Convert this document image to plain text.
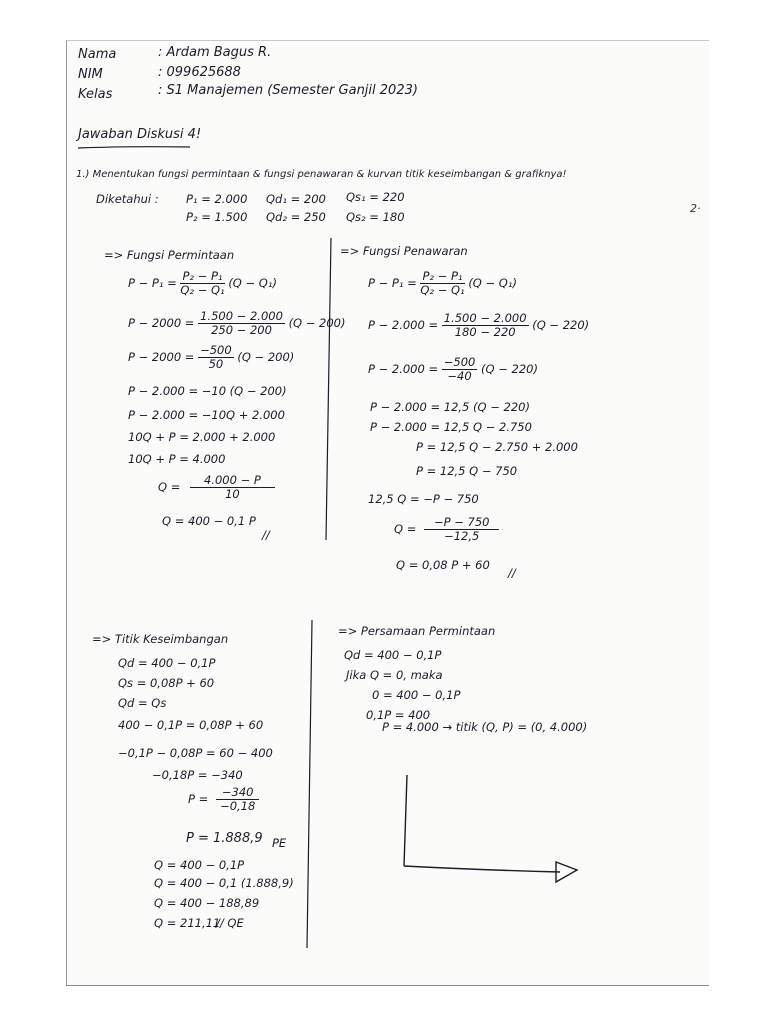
Nama	: Ardam Bagus R.
NIM	: 099625688
Kelas	: S1 Manajemen (Semester Ganjil 2023)
Jawaban Diskusi 4!
1.) Menentukan fungsi permintaan & fungsi penawaran & kurvan titik keseimbangan & grafiknya!
Diketahui : P₁ = 2.000 Qd₁ = 200 Qs₁ = 220
P₂ = 1.500 Qd₂ = 250 Qs₂ = 180
2·
=> Fungsi Permintaan
$P - P_1 = \frac{\text{P₂ − P₁}}{\text{Q₂ − Q₁}} (Q - Q_1)$
$P - 2000 = \frac{1.500 - 2.000}{250 - 200} (Q - 200)$
$P - 2000 = \frac{-500}{50} (Q - 200)$
P − 2.000 = −10 (Q − 200)
P − 2.000 = −10Q + 2.000
10Q + P = 2.000 + 2.000
10Q + P = 4.000
$Q = \frac{4.000 - P}{10}$
Q = 400 − 0,1 P
//
=> Fungsi Penawaran
$P - P_1 = \frac{\text{P₂ − P₁}}{\text{Q₂ − Q₁}} (Q - Q_1)$
$P - 2.000 = \frac{1.500 - 2.000}{180 - 220} (Q - 220)$
$P - 2.000 = \frac{-500}{-40} (Q - 220)$
P − 2.000 = 12,5 (Q − 220)
P − 2.000 = 12,5 Q − 2.750
P = 12,5 Q − 2.750 + 2.000
P = 12,5 Q − 750
12,5 Q = −P − 750
$Q = \frac{-P - 750}{-12,5}$
Q = 0,08 P + 60
//
=> Titik Keseimbangan
Qd = 400 − 0,1P
Qs = 0,08P + 60
Qd = Qs
400 − 0,1P = 0,08P + 60
−0,1P − 0,08P = 60 − 400
−0,18P = −340
$P = \frac{-340}{-0,18}$
P = 1.888,9 PE
Q = 400 − 0,1P
Q = 400 − 0,1 (1.888,9)
Q = 400 − 188,89
Q = 211,11
// QE
=> Persamaan Permintaan
Qd = 400 − 0,1P
Jika Q = 0, maka
0 = 400 − 0,1P
0,1P = 400
P = 4.000 → titik (Q, P) = (0, 4.000)
